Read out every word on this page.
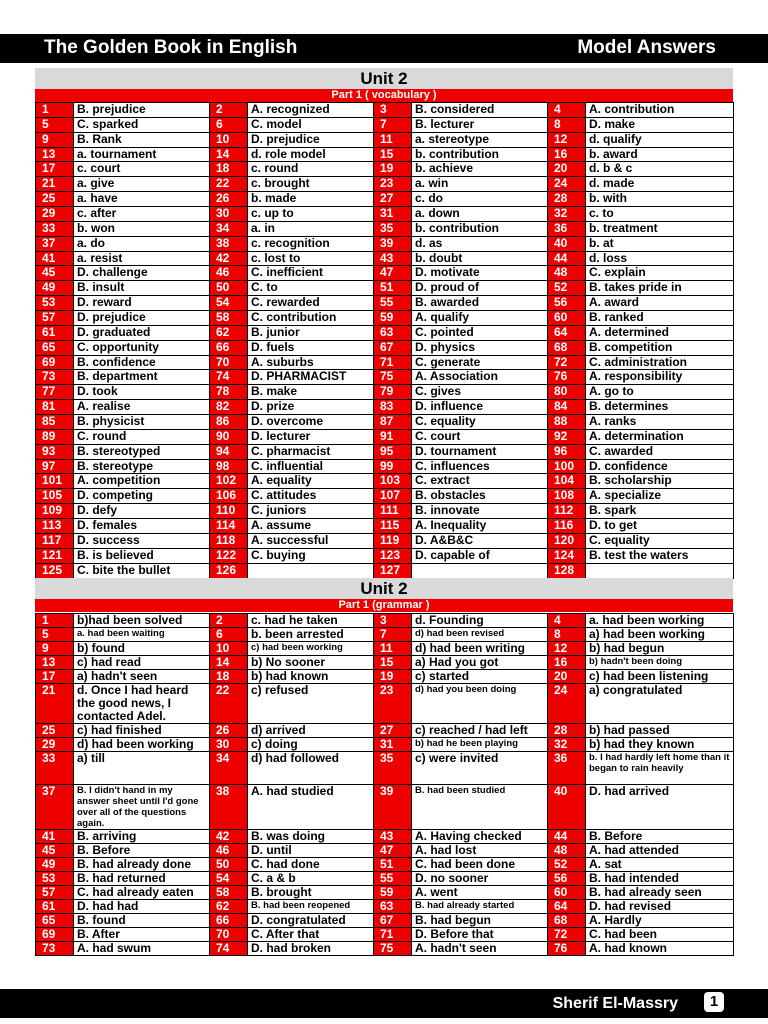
The Golden Book in English	Model Answers
Unit 2
Part 1 ( vocabulary )
1	B. prejudice	2	A. recognized	3	B. considered	4	A. contribution
5	C. sparked	6	C. model	7	B. lecturer	8	D. make
9	B. Rank	10	D. prejudice	11	a. stereotype	12	d. qualify
13	a. tournament	14	d. role model	15	b. contribution	16	b. award
17	c. court	18	c. round	19	b. achieve	20	d. b & c
21	a. give	22	c. brought	23	a. win	24	d. made
25	a. have	26	b. made	27	c. do	28	b. with
29	c. after	30	c. up to	31	a. down	32	c. to
33	b. won	34	a. in	35	b. contribution	36	b. treatment
37	a. do	38	c. recognition	39	d. as	40	b. at
41	a. resist	42	c. lost to	43	b. doubt	44	d. loss
45	D. challenge	46	C. inefficient	47	D. motivate	48	C. explain
49	B. insult	50	C. to	51	D. proud of	52	B. takes pride in
53	D. reward	54	C. rewarded	55	B. awarded	56	A. award
57	D. prejudice	58	C. contribution	59	A. qualify	60	B. ranked
61	D. graduated	62	B. junior	63	C. pointed	64	A. determined
65	C. opportunity	66	D. fuels	67	D. physics	68	B. competition
69	B. confidence	70	A. suburbs	71	C. generate	72	C. administration
73	B. department	74	D. PHARMACIST	75	A. Association	76	A. responsibility
77	D. took	78	B. make	79	C. gives	80	A. go to
81	A. realise	82	D. prize	83	D. influence	84	B. determines
85	B. physicist	86	D. overcome	87	C. equality	88	A. ranks
89	C. round	90	D. lecturer	91	C. court	92	A. determination
93	B. stereotyped	94	C. pharmacist	95	D. tournament	96	C. awarded
97	B. stereotype	98	C. influential	99	C. influences	100	D. confidence
101	A. competition	102	A. equality	103	C. extract	104	B. scholarship
105	D. competing	106	C. attitudes	107	B. obstacles	108	A. specialize
109	D. defy	110	C. juniors	111	B. innovate	112	B. spark
113	D. females	114	A. assume	115	A. Inequality	116	D. to get
117	D. success	118	A. successful	119	D. A&B&C	120	C. equality
121	B. is believed	122	C. buying	123	D. capable of	124	B. test the waters
125	C. bite the bullet	126		127		128	
Unit 2
Part 1 (grammar )
1	b)had been solved	2	c. had he taken	3	d. Founding	4	a. had been working
5	a. had been waiting	6	b. been arrested	7	d) had been revised	8	a) had been working
9	b) found	10	c) had been working	11	d) had been writing	12	b) had begun
13	c) had read	14	b) No sooner	15	a) Had you got	16	b) hadn't been doing
17	a) hadn't seen	18	b) had known	19	c) started	20	c) had been listening
21	d. Once I had heard the good news, I contacted Adel.	22	c) refused	23	d) had you been doing	24	a) congratulated
25	c) had finished	26	d) arrived	27	c) reached / had left	28	b) had passed
29	d) had been working	30	c) doing	31	b) had he been playing	32	b) had they known
33	a) till	34	d) had followed	35	c) were invited	36	b. I had hardly left home than it began to rain heavily
37	B. I didn't hand in my answer sheet until I'd gone over all of the questions again.	38	A. had studied	39	B. had been studied	40	D. had arrived
41	B. arriving	42	B. was doing	43	A. Having checked	44	B. Before
45	B. Before	46	D. until	47	A. had lost	48	A. had attended
49	B. had already done	50	C. had done	51	C. had been done	52	A. sat
53	B. had returned	54	C. a & b	55	D. no sooner	56	B. had intended
57	C. had already eaten	58	B. brought	59	A. went	60	B. had already seen
61	D. had had	62	B. had been reopened	63	B. had already started	64	D. had revised
65	B. found	66	D. congratulated	67	B. had begun	68	A. Hardly
69	B. After	70	C. After that	71	D. Before that	72	C. had been
73	A. had swum	74	D. had broken	75	A. hadn't seen	76	A. had known
Sherif El-Massry	1
